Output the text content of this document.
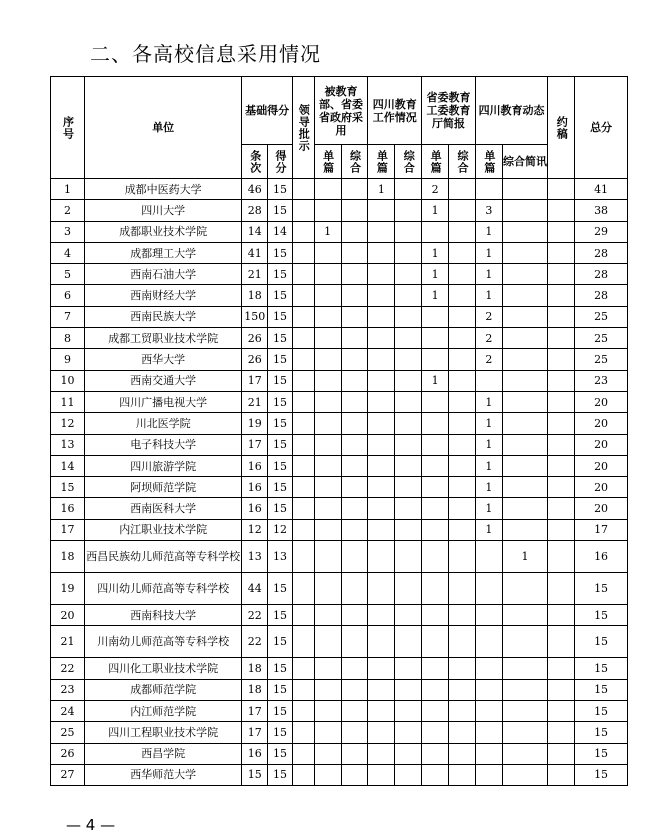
二、各高校信息采用情况
序号	单位	基础得分		领导批示	被教育部、省委省政府采用		四川教育工作情况		省委教育工委教育厅简报		四川教育动态		约稿	总分

		条次	得分		单篇	综合	单篇	综合	单篇	综合	单篇	综合简讯		
1	成都中医药大学	46	15				1		2					41
2	四川大学	28	15						1		3			38
3	成都职业技术学院	14	14		1						1			29
4	成都理工大学	41	15						1		1			28
5	西南石油大学	21	15						1		1			28
6	西南财经大学	18	15						1		1			28
7	西南民族大学	150	15								2			25
8	成都工贸职业技术学院	26	15								2			25
9	西华大学	26	15								2			25
10	西南交通大学	17	15						1					23
11	四川广播电视大学	21	15								1			20
12	川北医学院	19	15								1			20
13	电子科技大学	17	15								1			20
14	四川旅游学院	16	15								1			20
15	阿坝师范学院	16	15								1			20
16	西南医科大学	16	15								1			20
17	内江职业技术学院	12	12								1			17
18	西昌民族幼儿师范高等专科学校	13	13									1		16
19	四川幼儿师范高等专科学校	44	15											15
20	西南科技大学	22	15											15
21	川南幼儿师范高等专科学校	22	15											15
22	四川化工职业技术学院	18	15											15
23	成都师范学院	18	15											15
24	内江师范学院	17	15											15
25	四川工程职业技术学院	17	15											15
26	西昌学院	16	15											15
27	西华师范大学	15	15											15
— 4 —
